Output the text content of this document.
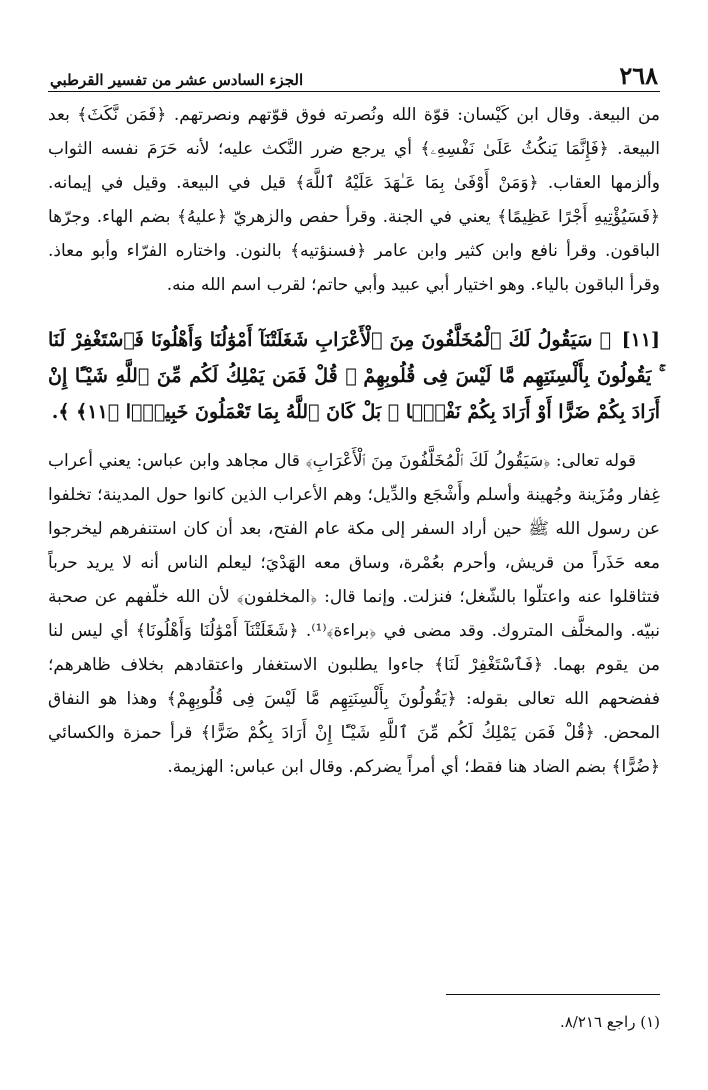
٢٦٨
الجزء السادس عشر من تفسير القرطبي

من البيعة. وقال ابن كَيْسان: قوّة الله ونُصرته فوق قوّتهم ونصرتهم. ﴿فَمَن نَّكَثَ﴾ بعد البيعة. ﴿فَإِنَّمَا يَنكُثُ عَلَىٰ نَفْسِهِۦ﴾ أي يرجع ضرر النَّكث عليه؛ لأنه حَرَمَ نفسه الثواب وألزمها العقاب. ﴿وَمَنْ أَوْفَىٰ بِمَا عَـٰهَدَ عَلَيْهُ ٱللَّهَ﴾ قيل في البيعة. وقيل في إيمانه. ﴿فَسَيُؤْتِيهِ أَجْرًا عَظِيمًا﴾ يعني في الجنة. وقرأ حفص والزهريّ ﴿عليهُ﴾ بضم الهاء. وجرّها الباقون. وقرأ نافع وابن كثير وابن عامر ﴿فسنؤتيه﴾ بالنون. واختاره الفرّاء وأبو معاذ. وقرأ الباقون بالياء. وهو اختيار أبي عبيد وأبي حاتم؛ لقرب اسم الله منه.

[١١] ﴿ سَيَقُولُ لَكَ ٱلْمُخَلَّفُونَ مِنَ ٱلْأَعْرَابِ شَغَلَتْنَآ أَمْوَٰلُنَا وَأَهْلُونَا فَٱسْتَغْفِرْ لَنَا ۚ يَقُولُونَ بِأَلْسِنَتِهِم مَّا لَيْسَ فِى قُلُوبِهِمْ ۚ قُلْ فَمَن يَمْلِكُ لَكُم مِّنَ ٱللَّهِ شَيْـًٔا إِنْ أَرَادَ بِكُمْ ضَرًّا أَوْ أَرَادَ بِكُمْ نَفْعًۢا ۚ بَلْ كَانَ ٱللَّهُ بِمَا تَعْمَلُونَ خَبِيرًۢا ﴿١١﴾ ﴾.

قوله تعالى: ﴿سَيَقُولُ لَكَ ٱلْمُخَلَّفُونَ مِنَ ٱلْأَعْرَابِ﴾ قال مجاهد وابن عباس: يعني أعراب غِفار ومُزَينة وجُهينة وأسلم وأَشْجَع والدِّيل؛ وهم الأعراب الذين كانوا حول المدينة؛ تخلفوا عن رسول الله ﷺ حين أراد السفر إلى مكة عام الفتح، بعد أن كان استنفرهم ليخرجوا معه حَذَراً من قريش، وأحرم بعُمْرة، وساق معه الهَدْيَ؛ ليعلم الناس أنه لا يريد حرباً فتثاقلوا عنه واعتلّوا بالشّغل؛ فنزلت. وإنما قال: ﴿المخلفون﴾ لأن الله خلّفهم عن صحبة نبيّه. والمخلَّف المتروك. وقد مضى في ﴿براءة﴾⁽¹⁾. ﴿شَغَلَتْنَآ أَمْوَٰلُنَا وَأَهْلُونَا﴾ أي ليس لنا من يقوم بهما. ﴿فَٱسْتَغْفِرْ لَنَا﴾ جاءوا يطلبون الاستغفار واعتقادهم بخلاف ظاهرهم؛ ففضحهم الله تعالى بقوله: ﴿يَقُولُونَ بِأَلْسِنَتِهِم مَّا لَيْسَ فِى قُلُوبِهِمْ﴾ وهذا هو النفاق المحض. ﴿قُلْ فَمَن يَمْلِكُ لَكُم مِّنَ ٱللَّهِ شَيْـًٔا إِنْ أَرَادَ بِكُمْ ضَرًّا﴾ قرأ حمزة والكسائي ﴿ضُرًّا﴾ بضم الضاد هنا فقط؛ أي أمراً يضركم. وقال ابن عباس: الهزيمة.

(١) راجع ٨/٢١٦.
